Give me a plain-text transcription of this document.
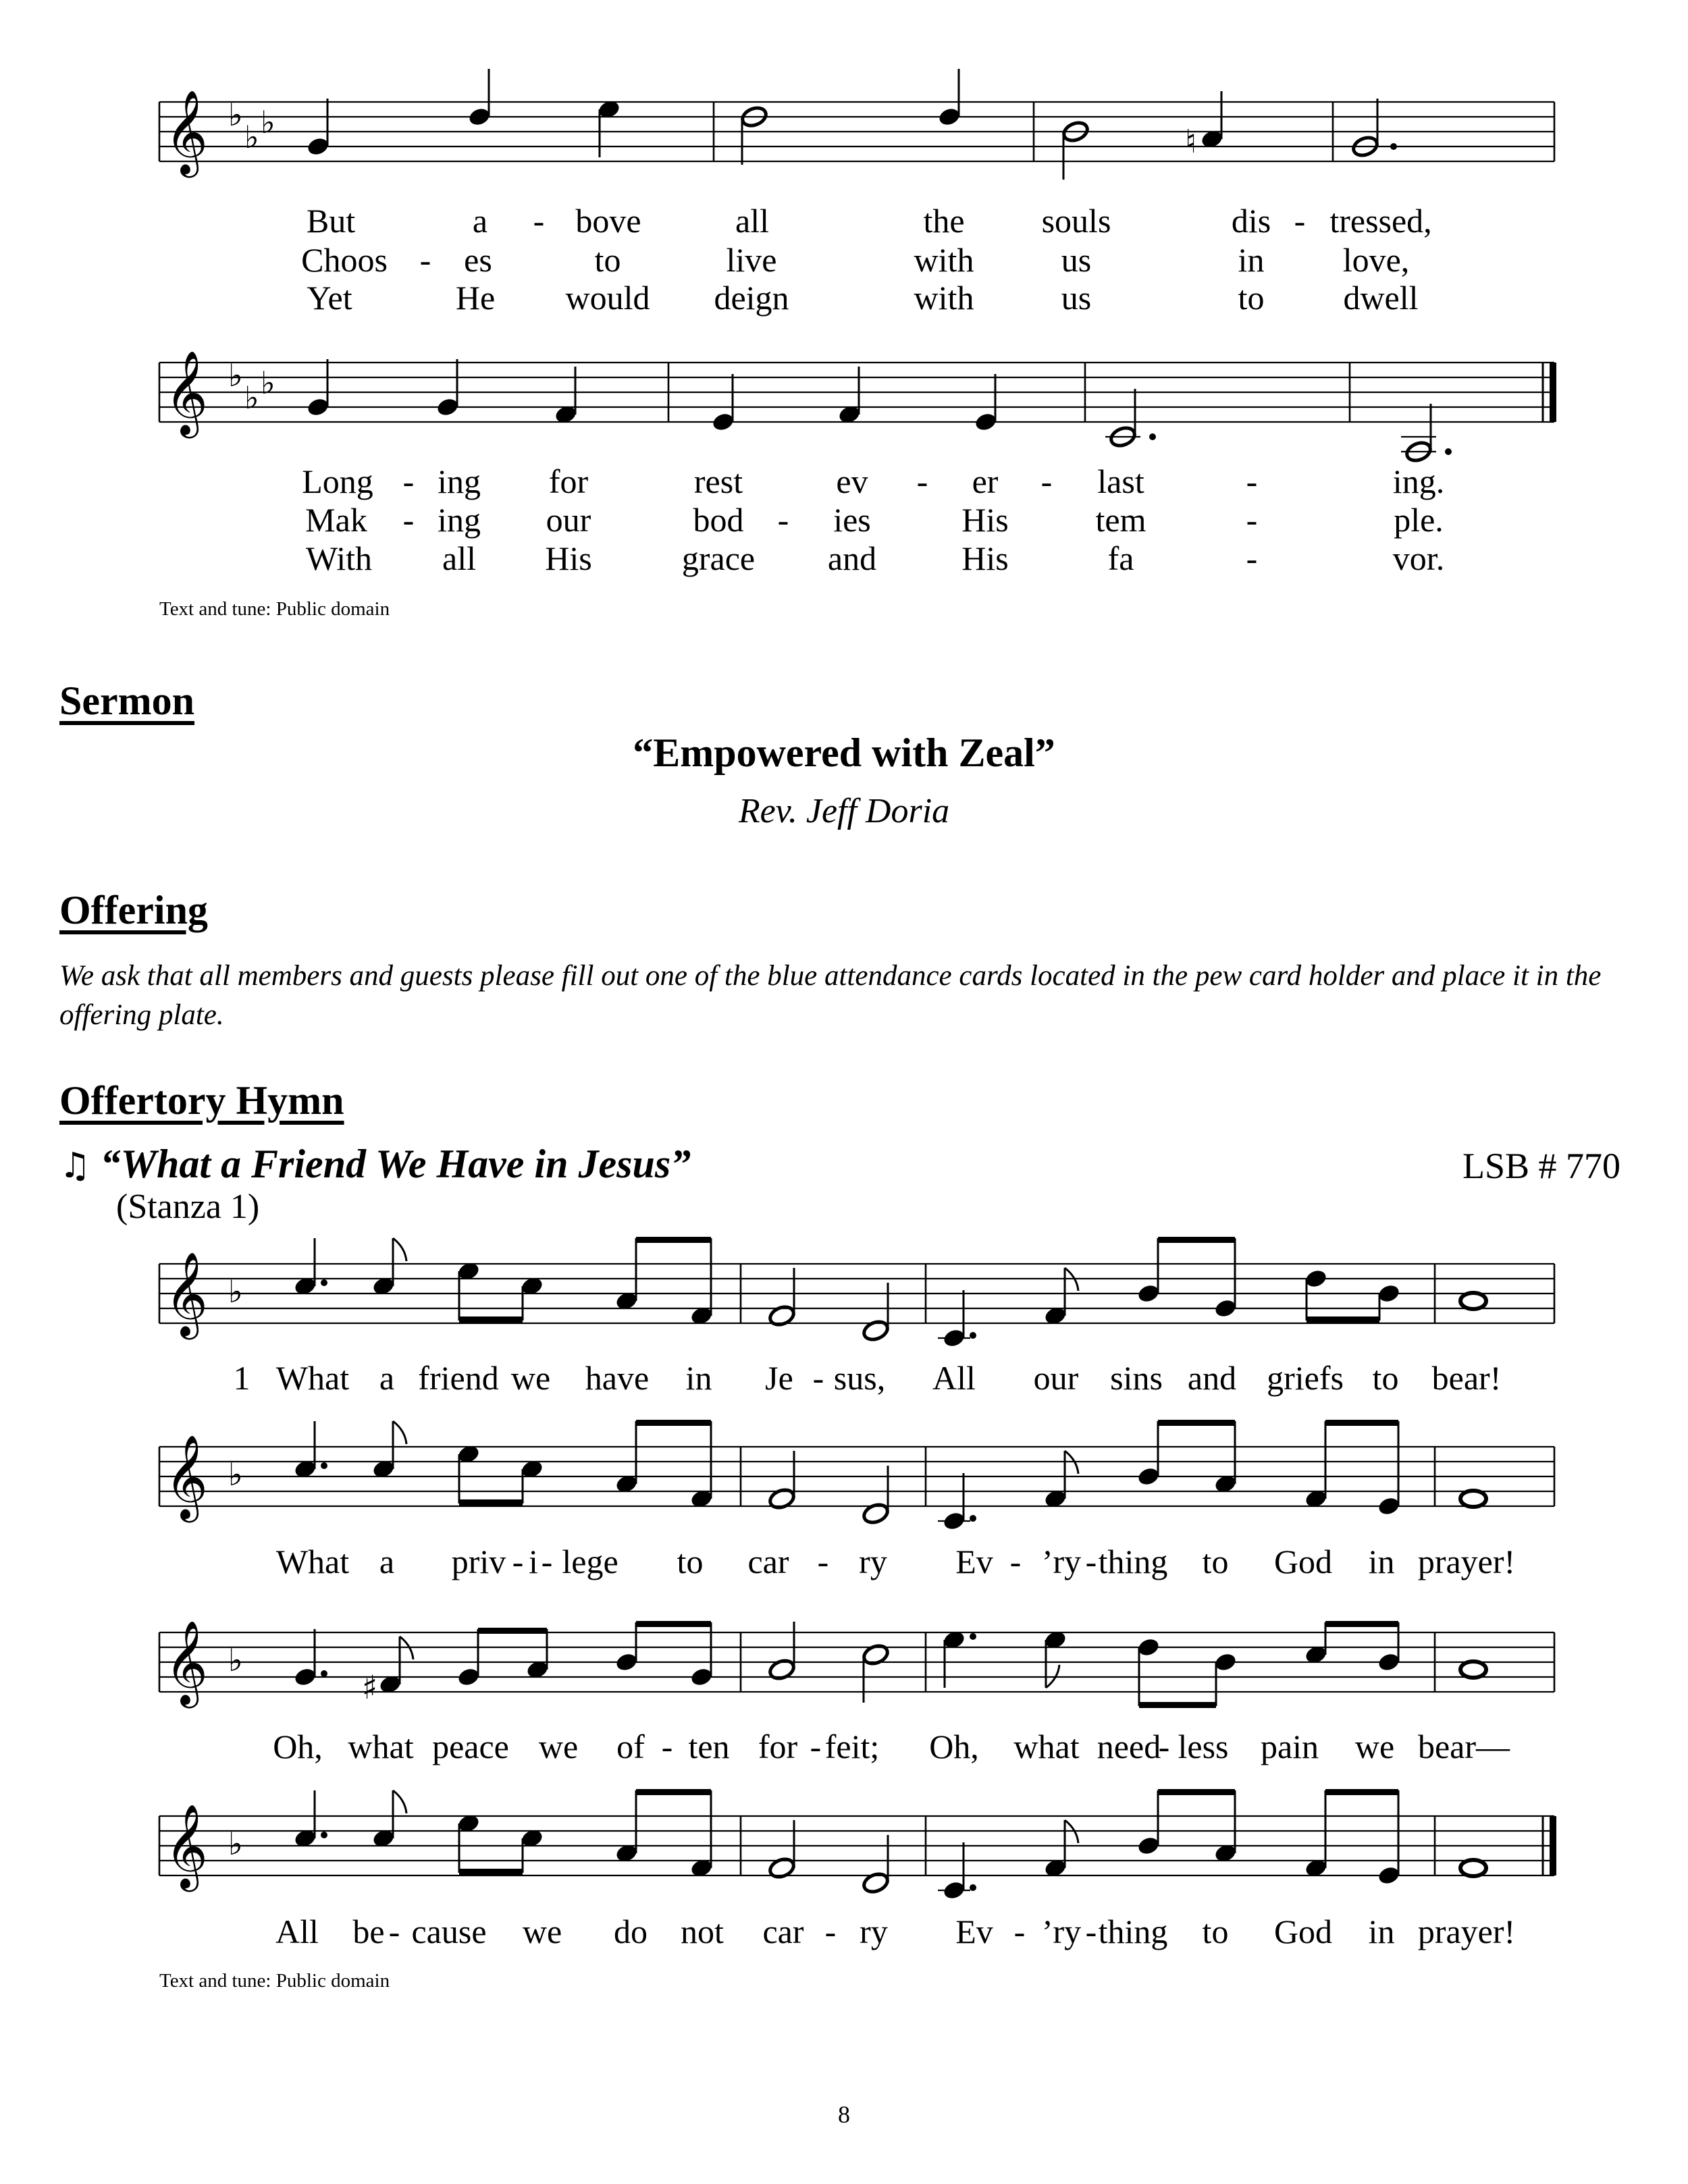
𝄞 ♭
♭ ♭
♮
𝄞 ♭
♭ ♭
𝄞 ♭
𝄞 ♭
𝄞 ♭
♯
𝄞 ♭
But	a - bove	all	the souls	dis - tressed,
Choos - es	to	live	with	us	in love,
Yet	He would deign	with	us	to dwell
Long - ing for	rest	ev - er - last	-	ing.
Mak - ing our	bod - ies	His	tem	-	ple.
With all His	grace and	His	fa	-	vor.
Text and tune: Public domain
Sermon
“Empowered with Zeal”
Rev. Jeff Doria
Offering
We ask that all members and guests please fill out one of the blue attendance cards located in the pew card holder and place it in the offering plate.
Offertory Hymn
♫ “What a Friend We Have in Jesus”	LSB # 770
(Stanza 1)
1 What a friend we have in Je - sus, All our sins and griefs to bear!
What a priv - i - lege to car - ry Ev - ’ry - thing to God in prayer!
Oh, what peace we of - ten for - feit; Oh, what need
- less pain we bear—
All be - cause we do not car - ry Ev - ’ry - thing to God in prayer!
Text and tune: Public domain
8
